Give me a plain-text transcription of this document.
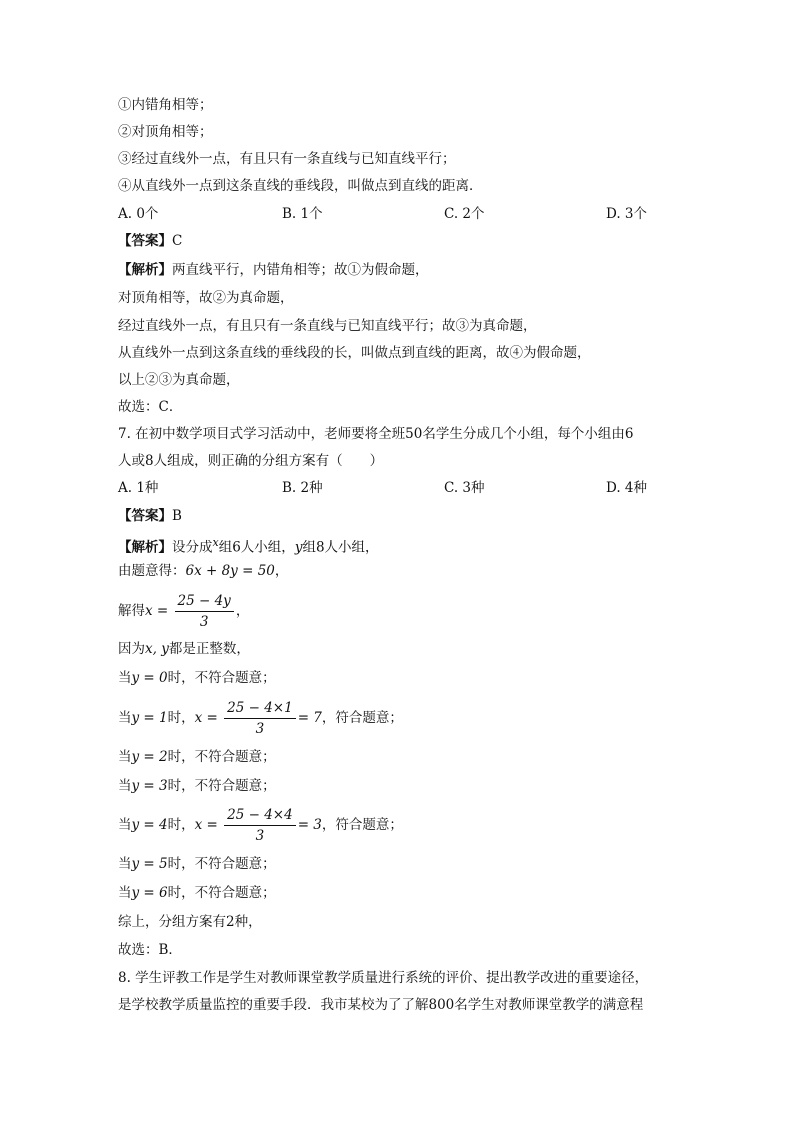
①内错角相等；
②对顶角相等；
③经过直线外一点，有且只有一条直线与已知直线平行；
④从直线外一点到这条直线的垂线段，叫做点到直线的距离．
A. 0个	B. 1个	C. 2个	D. 3个
【答案】C
【解析】两直线平行，内错角相等；故①为假命题，
对顶角相等，故②为真命题，
经过直线外一点，有且只有一条直线与已知直线平行；故③为真命题，
从直线外一点到这条直线的垂线段的长，叫做点到直线的距离，故④为假命题，
以上②③为真命题，
故选：C．
7. 在初中数学项目式学习活动中，老师要将全班50名学生分成几个小组，每个小组由6
人或8人组成，则正确的分组方案有（　　）
A. 1种	B. 2种	C. 3种	D. 4种
【答案】B
【解析】设分成$^x$组6人小组，y组8人小组，
由题意得：6x + 8y = 50，
解得$x = \frac{25 - 4y}{3}$ ，
因为x, y都是正整数，
当y = 0时，不符合题意；
当y = 1时，$x = \frac{25 - 4\times 1}{3} = 7$，符合题意；
当y = 2时，不符合题意；
当y = 3时，不符合题意；
当y = 4时，$x = \frac{25 - 4\times 4}{3} = 3$，符合题意；
当y = 5时，不符合题意；
当y = 6时，不符合题意；
综上，分组方案有2种，
故选：B．
8. 学生评教工作是学生对教师课堂教学质量进行系统的评价、提出教学改进的重要途径，
是学校教学质量监控的重要手段．我市某校为了了解800名学生对教师课堂教学的满意程
